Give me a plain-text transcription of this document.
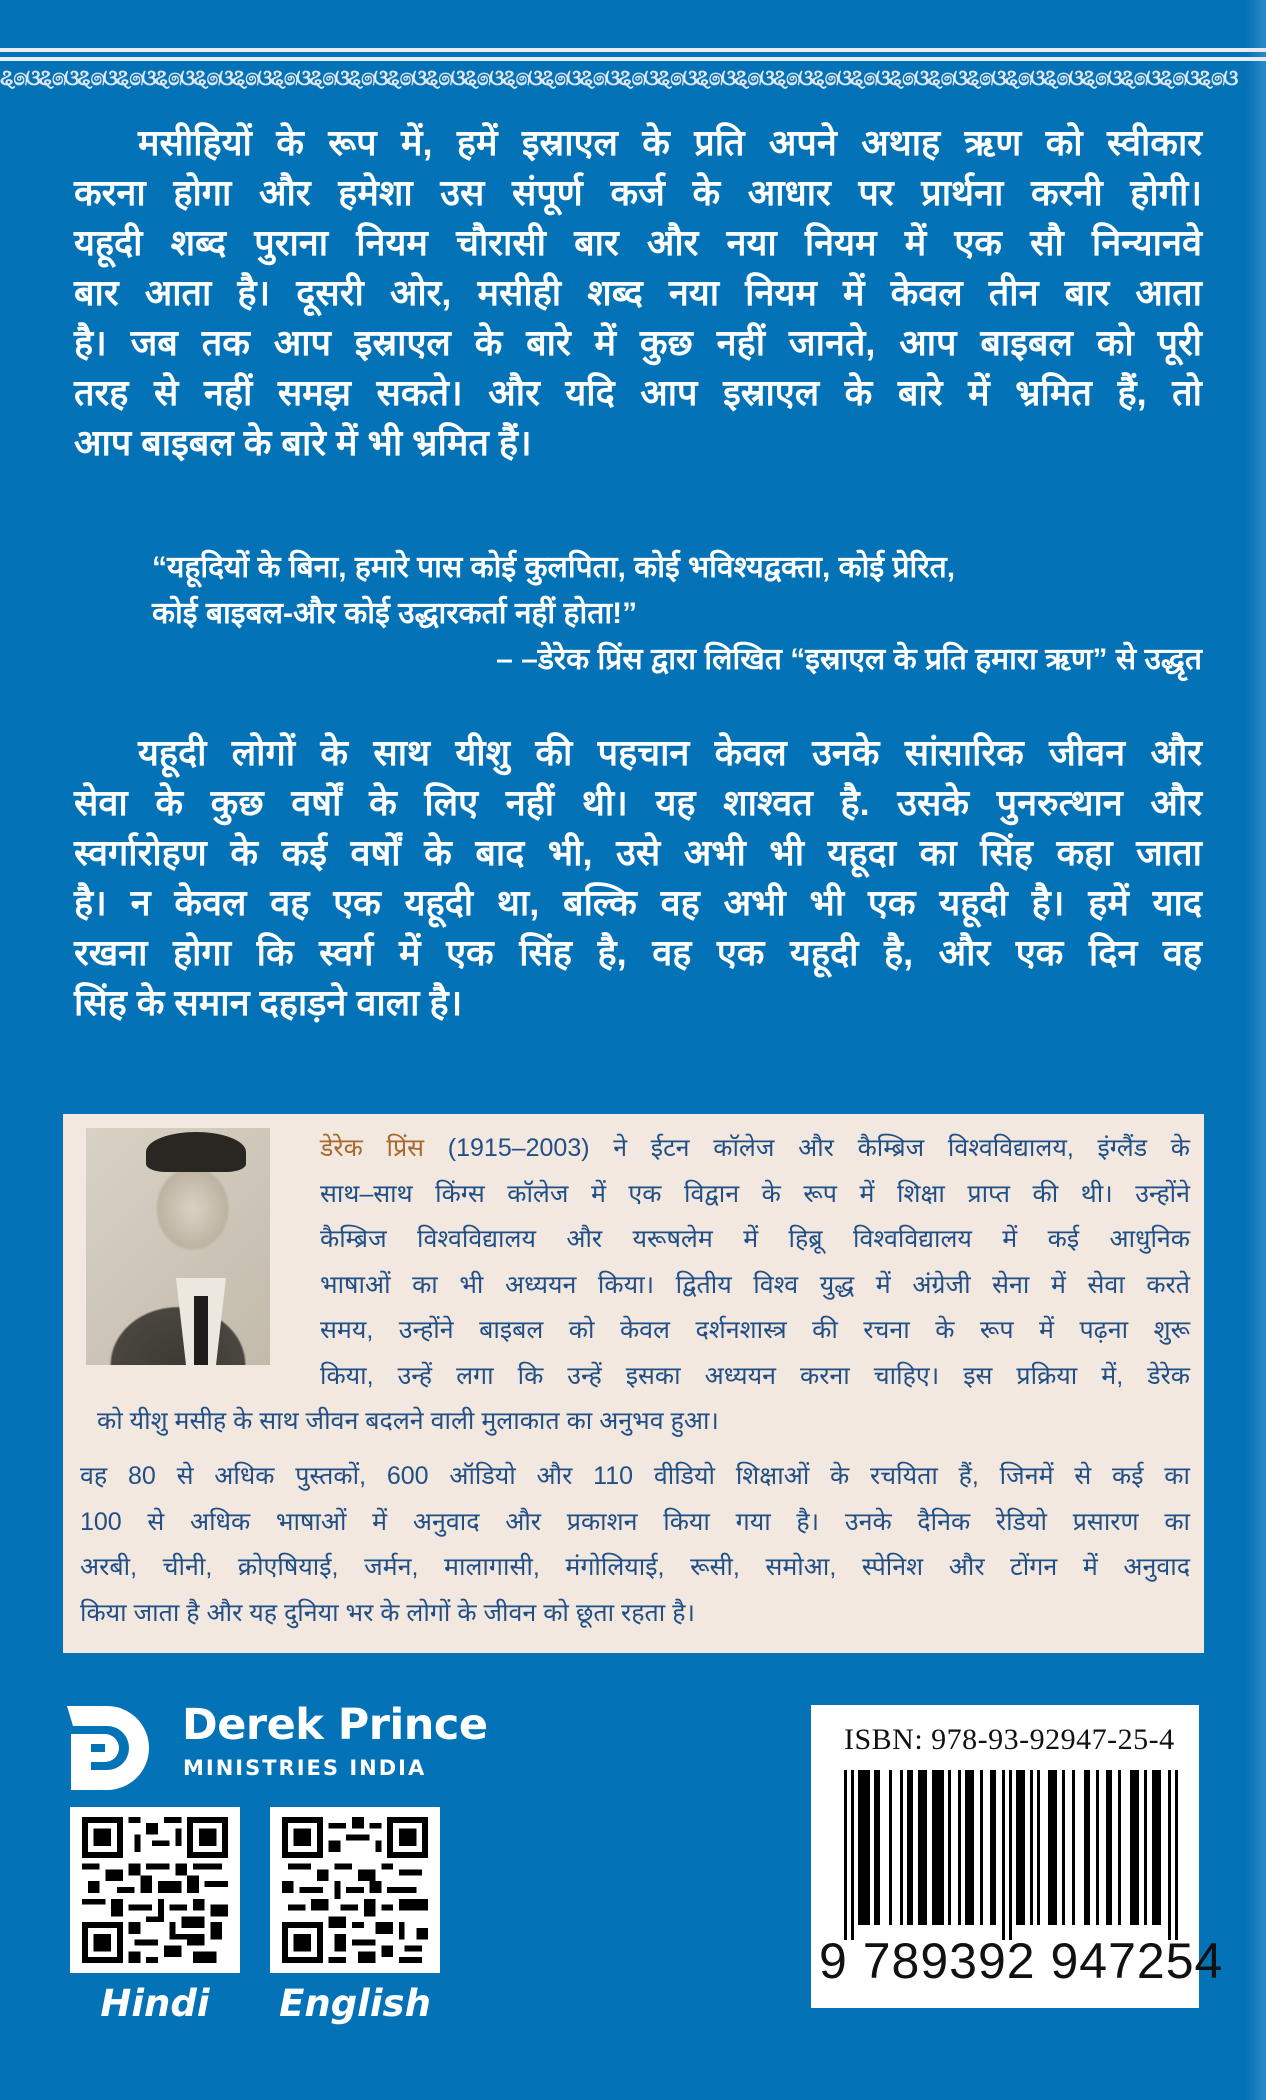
ୡ෧ଓୡ෧ଓୡ෧ଓୡ෧ଓୡ෧ଓୡ෧ଓୡ෧ଓୡ෧ଓୡ෧ଓୡ෧ଓୡ෧ଓୡ෧ଓୡ෧ଓୡ෧ଓୡ෧ଓୡ෧ଓୡ෧ଓୡ෧ଓୡ෧ଓୡ෧ଓୡ෧ଓୡ෧ଓୡ෧ଓୡ෧ଓୡ෧ଓୡ෧ଓୡ෧ଓୡ෧ଓୡ෧ଓୡ෧ଓୡ෧ଓୡ෧ଓ
मसीहियों के रूप में, हमें इस्राएल के प्रति अपने अथाह ऋण को स्वीकार
करना होगा और हमेशा उस संपूर्ण कर्ज के आधार पर प्रार्थना करनी होगी।
यहूदी शब्द पुराना नियम चौरासी बार और नया नियम में एक सौ निन्यानवे
बार आता है। दूसरी ओर, मसीही शब्द नया नियम में केवल तीन बार आता
है। जब तक आप इस्राएल के बारे में कुछ नहीं जानते, आप बाइबल को पूरी
तरह से नहीं समझ सकते। और यदि आप इस्राएल के बारे में भ्रमित हैं, तो
आप बाइबल के बारे में भी भ्रमित हैं।
“यहूदियों के बिना, हमारे पास कोई कुलपिता, कोई भविश्यद्वक्ता, कोई प्रेरित,
कोई बाइबल-और कोई उद्धारकर्ता नहीं होता!”
– –डेरेक प्रिंस द्वारा लिखित “इस्राएल के प्रति हमारा ऋण” से उद्धृत
यहूदी लोगों के साथ यीशु की पहचान केवल उनके सांसारिक जीवन और
सेवा के कुछ वर्षों के लिए नहीं थी। यह शाश्वत है. उसके पुनरुत्थान और
स्वर्गारोहण के कई वर्षों के बाद भी, उसे अभी भी यहूदा का सिंह कहा जाता
है। न केवल वह एक यहूदी था, बल्कि वह अभी भी एक यहूदी है। हमें याद
रखना होगा कि स्वर्ग में एक सिंह है, वह एक यहूदी है, और एक दिन वह
सिंह के समान दहाड़ने वाला है।
डेरेक प्रिंस (1915–2003) ने ईटन कॉलेज और कैम्ब्रिज विश्वविद्यालय, इंग्लैंड के
साथ–साथ किंग्स कॉलेज में एक विद्वान के रूप में शिक्षा प्राप्त की थी। उन्होंने
कैम्ब्रिज विश्वविद्यालय और यरूषलेम में हिब्रू विश्वविद्यालय में कई आधुनिक
भाषाओं का भी अध्ययन किया। द्वितीय विश्व युद्ध में अंग्रेजी सेना में सेवा करते
समय, उन्होंने बाइबल को केवल दर्शनशास्त्र की रचना के रूप में पढ़ना शुरू
किया, उन्हें लगा कि उन्हें इसका अध्ययन करना चाहिए। इस प्रक्रिया में, डेरेक
को यीशु मसीह के साथ जीवन बदलने वाली मुलाकात का अनुभव हुआ।
वह 80 से अधिक पुस्तकों, 600 ऑडियो और 110 वीडियो शिक्षाओं के रचयिता हैं, जिनमें से कई का
100 से अधिक भाषाओं में अनुवाद और प्रकाशन किया गया है। उनके दैनिक रेडियो प्रसारण का
अरबी, चीनी, क्रोएषियाई, जर्मन, मालागासी, मंगोलियाई, रूसी, समोआ, स्पेनिश और टोंगन में अनुवाद
किया जाता है और यह दुनिया भर के लोगों के जीवन को छूता रहता है।
Derek Prince
MINISTRIES INDIA
Hindi	English
ISBN: 978-93-92947-25-4
9 789392 947254
